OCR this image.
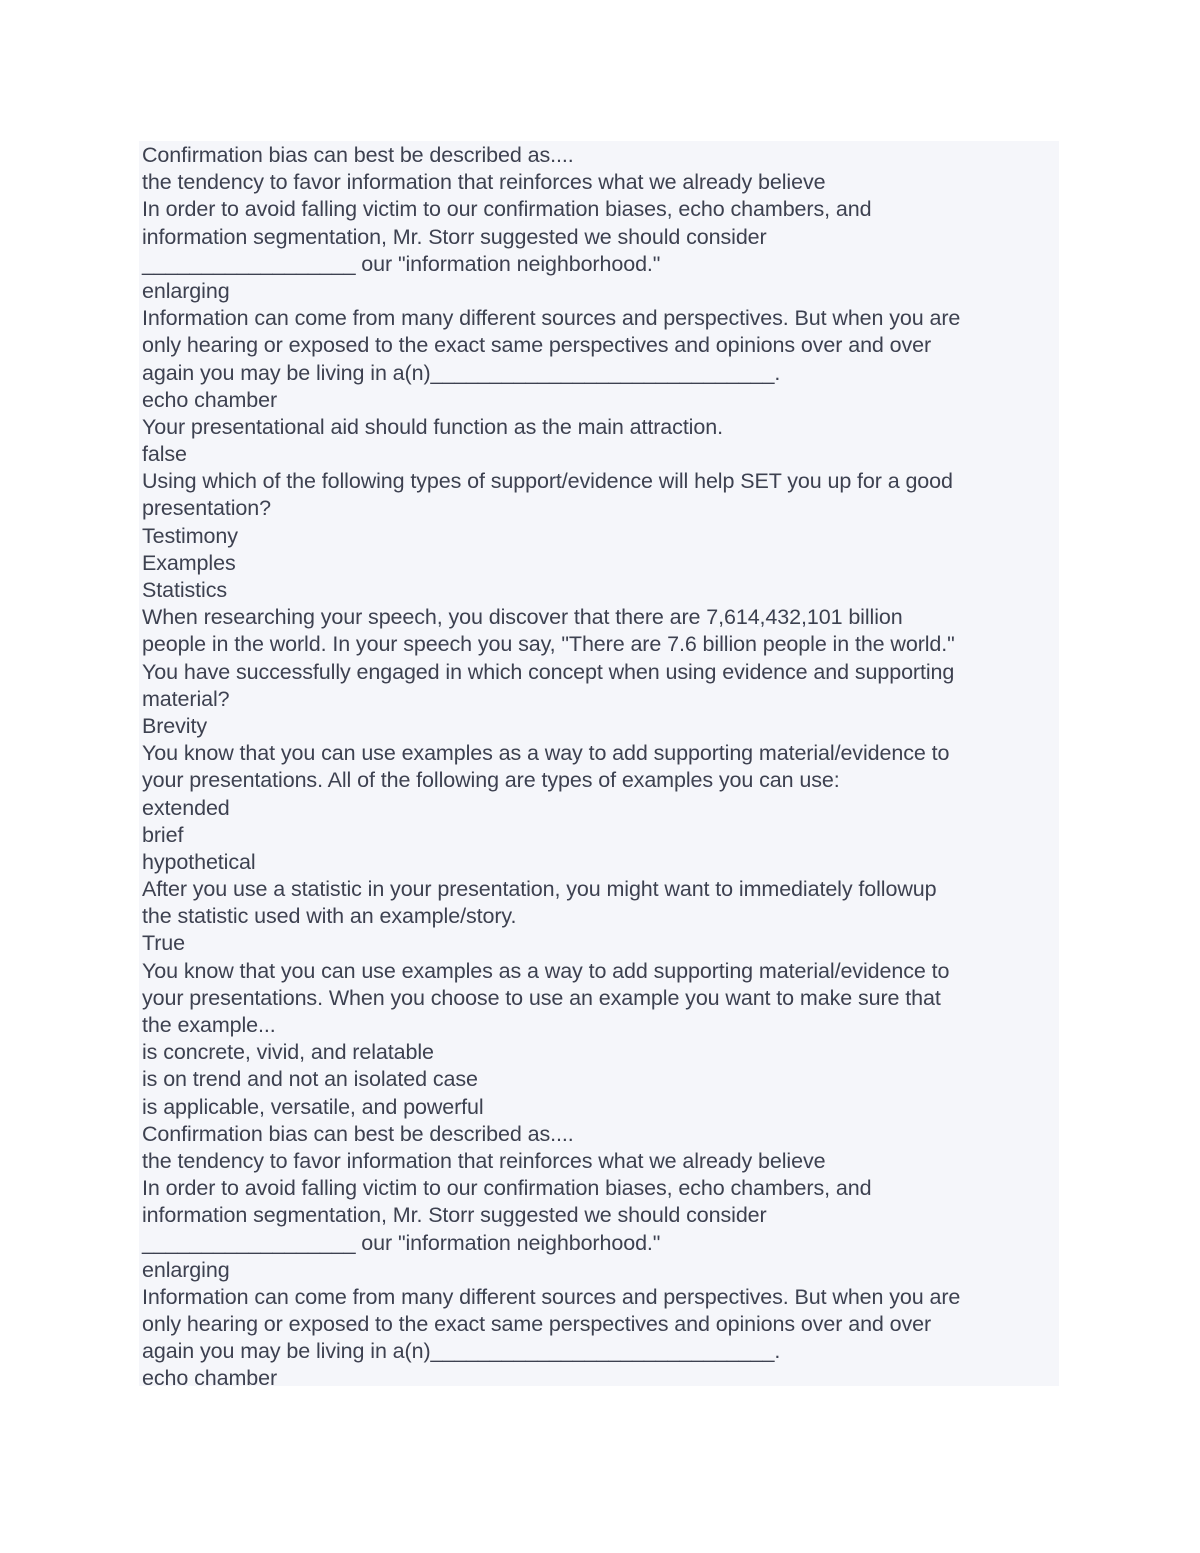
Confirmation bias can best be described as....
the tendency to favor information that reinforces what we already believe
In order to avoid falling victim to our confirmation biases, echo chambers, and
information segmentation, Mr. Storr suggested we should consider
__________________ our "information neighborhood."
enlarging
Information can come from many different sources and perspectives. But when you are
only hearing or exposed to the exact same perspectives and opinions over and over
again you may be living in a(n)_____________________________.
echo chamber
Your presentational aid should function as the main attraction.
false
Using which of the following types of support/evidence will help SET you up for a good
presentation?
Testimony
Examples
Statistics
When researching your speech, you discover that there are 7,614,432,101 billion
people in the world. In your speech you say, "There are 7.6 billion people in the world."
You have successfully engaged in which concept when using evidence and supporting
material?
Brevity
You know that you can use examples as a way to add supporting material/evidence to
your presentations. All of the following are types of examples you can use:
extended
brief
hypothetical
After you use a statistic in your presentation, you might want to immediately followup
the statistic used with an example/story.
True
You know that you can use examples as a way to add supporting material/evidence to
your presentations. When you choose to use an example you want to make sure that
the example...
is concrete, vivid, and relatable
is on trend and not an isolated case
is applicable, versatile, and powerful
Confirmation bias can best be described as....
the tendency to favor information that reinforces what we already believe
In order to avoid falling victim to our confirmation biases, echo chambers, and
information segmentation, Mr. Storr suggested we should consider
__________________ our "information neighborhood."
enlarging
Information can come from many different sources and perspectives. But when you are
only hearing or exposed to the exact same perspectives and opinions over and over
again you may be living in a(n)_____________________________.
echo chamber
